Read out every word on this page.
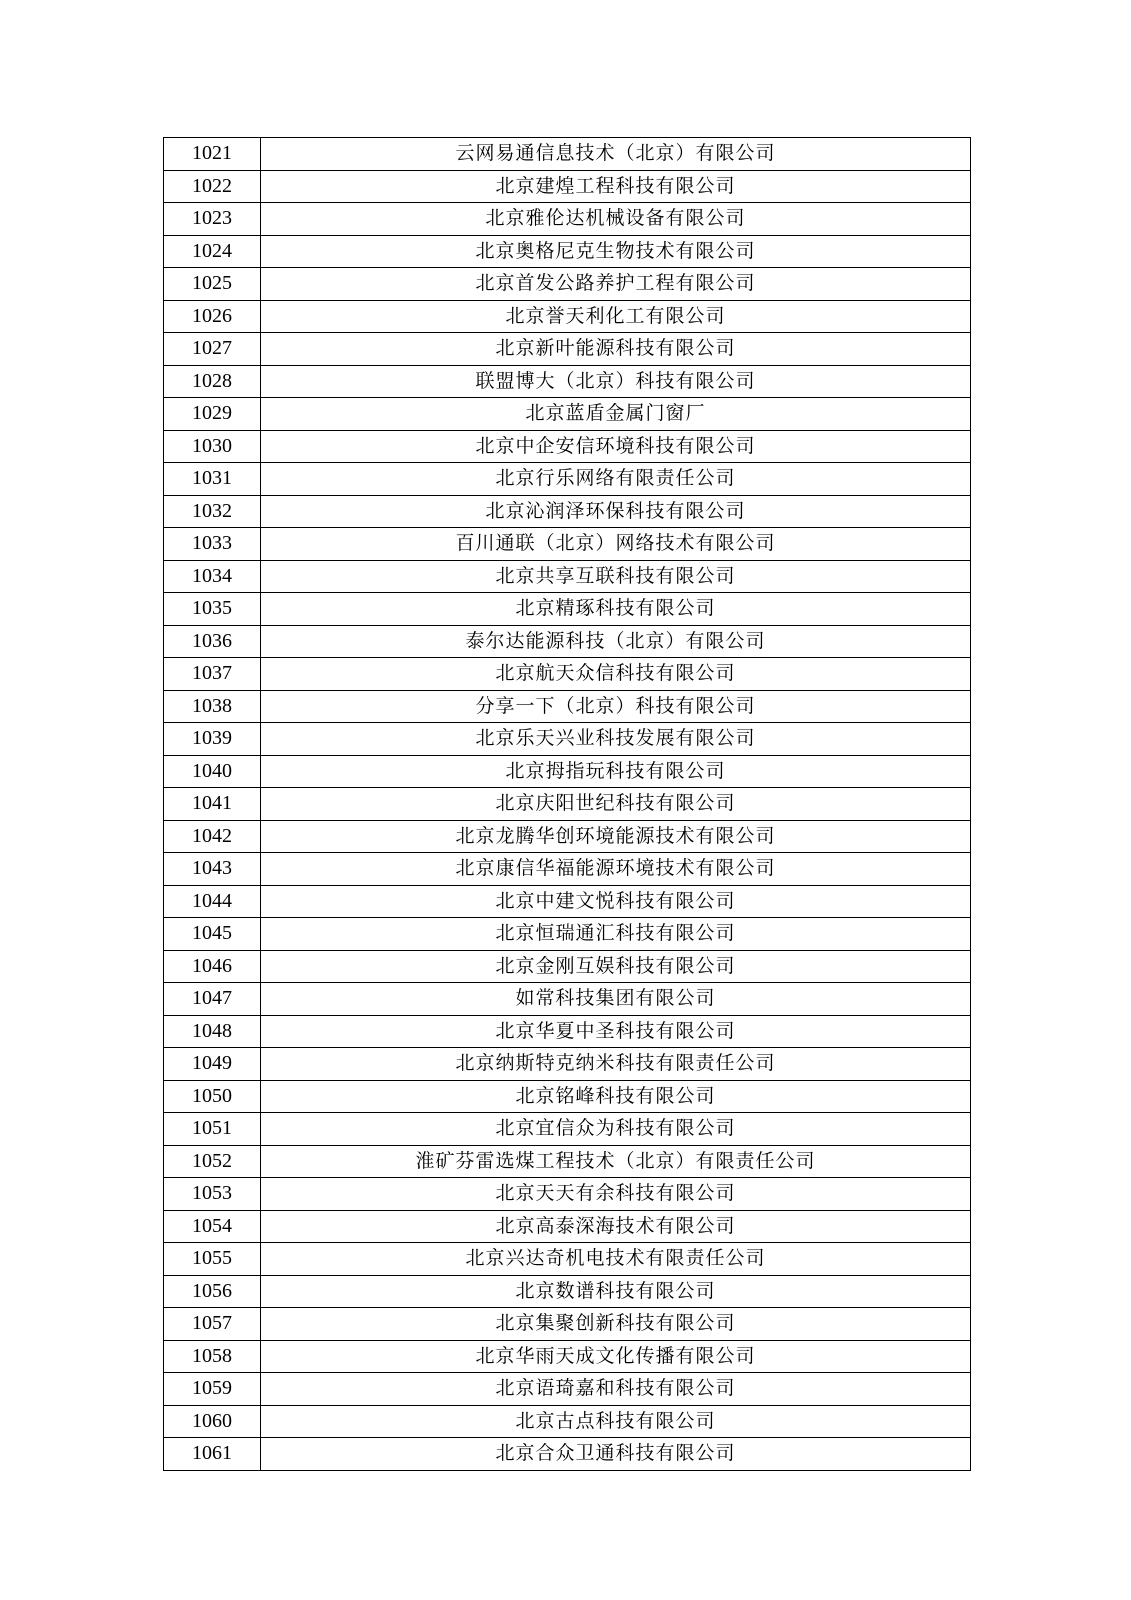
1021	云网易通信息技术（北京）有限公司
1022	北京建煌工程科技有限公司
1023	北京雅伦达机械设备有限公司
1024	北京奥格尼克生物技术有限公司
1025	北京首发公路养护工程有限公司
1026	北京誉天利化工有限公司
1027	北京新叶能源科技有限公司
1028	联盟博大（北京）科技有限公司
1029	北京蓝盾金属门窗厂
1030	北京中企安信环境科技有限公司
1031	北京行乐网络有限责任公司
1032	北京沁润泽环保科技有限公司
1033	百川通联（北京）网络技术有限公司
1034	北京共享互联科技有限公司
1035	北京精琢科技有限公司
1036	泰尔达能源科技（北京）有限公司
1037	北京航天众信科技有限公司
1038	分享一下（北京）科技有限公司
1039	北京乐天兴业科技发展有限公司
1040	北京拇指玩科技有限公司
1041	北京庆阳世纪科技有限公司
1042	北京龙腾华创环境能源技术有限公司
1043	北京康信华福能源环境技术有限公司
1044	北京中建文悦科技有限公司
1045	北京恒瑞通汇科技有限公司
1046	北京金刚互娱科技有限公司
1047	如常科技集团有限公司
1048	北京华夏中圣科技有限公司
1049	北京纳斯特克纳米科技有限责任公司
1050	北京铭峰科技有限公司
1051	北京宜信众为科技有限公司
1052	淮矿芬雷选煤工程技术（北京）有限责任公司
1053	北京天天有余科技有限公司
1054	北京高泰深海技术有限公司
1055	北京兴达奇机电技术有限责任公司
1056	北京数谱科技有限公司
1057	北京集聚创新科技有限公司
1058	北京华雨天成文化传播有限公司
1059	北京语琦嘉和科技有限公司
1060	北京古点科技有限公司
1061	北京合众卫通科技有限公司
